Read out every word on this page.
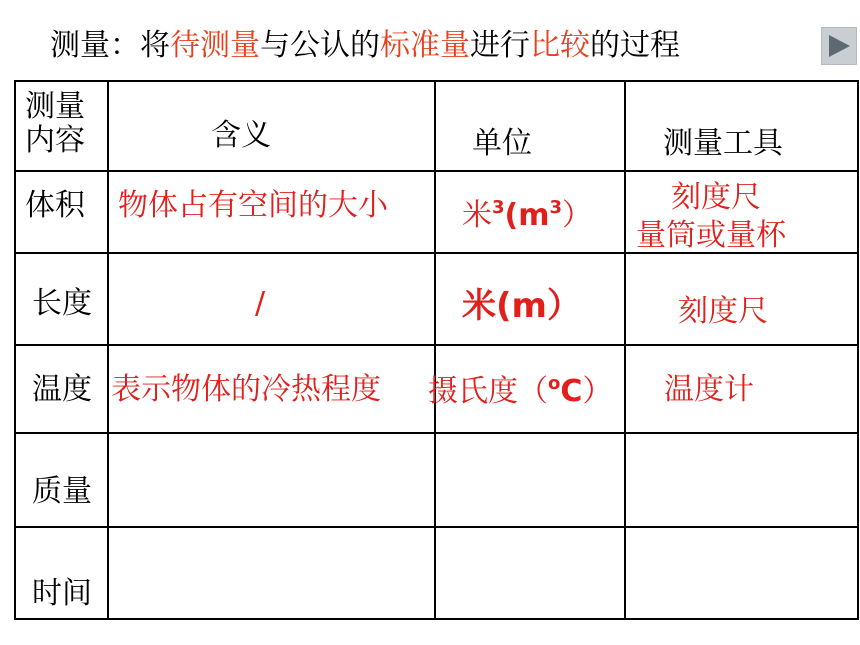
测量：将待测量与公认的标准量进行比较的过程
测量
内容	含义	单位	测量工具

体积	物体占有空间的大小	米$^3(m^3)$	刻度尺
量筒或量杯

长度	/	米(m）	刻度尺

温度	表示物体的冷热程度	摄氏度（$^o$C）	温度计

质量			

时间			
